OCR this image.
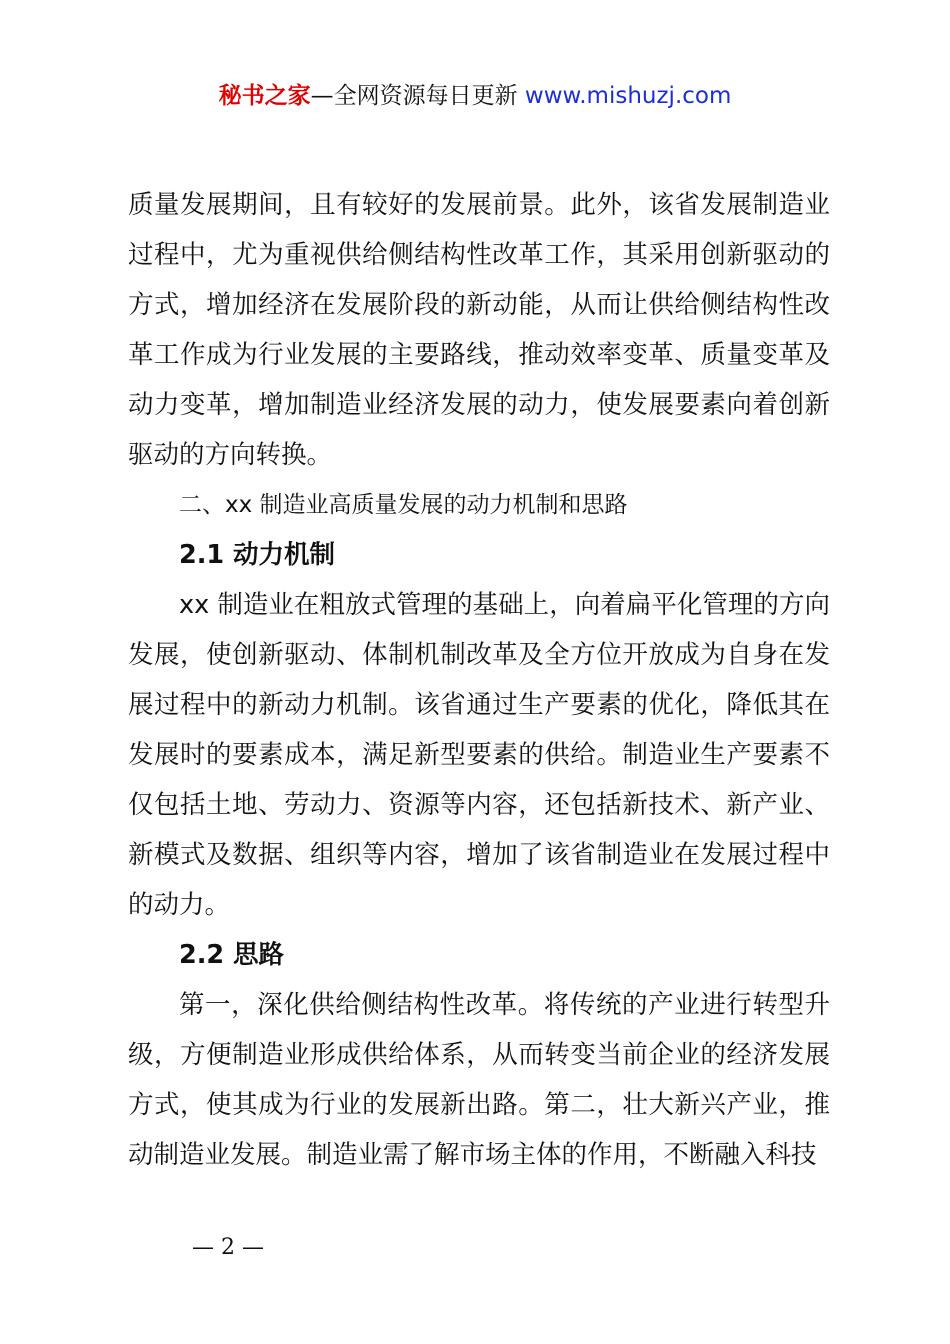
秘书之家—全网资源每日更新 www.mishuzj.com

质量发展期间，且有较好的发展前景。此外，该省发展制造业过程中，尤为重视供给侧结构性改革工作，其采用创新驱动的方式，增加经济在发展阶段的新动能，从而让供给侧结构性改革工作成为行业发展的主要路线，推动效率变革、质量变革及动力变革，增加制造业经济发展的动力，使发展要素向着创新驱动的方向转换。

二、xx 制造业高质量发展的动力机制和思路

2.1 动力机制

xx 制造业在粗放式管理的基础上，向着扁平化管理的方向发展，使创新驱动、体制机制改革及全方位开放成为自身在发展过程中的新动力机制。该省通过生产要素的优化，降低其在发展时的要素成本，满足新型要素的供给。制造业生产要素不仅包括土地、劳动力、资源等内容，还包括新技术、新产业、新模式及数据、组织等内容，增加了该省制造业在发展过程中的动力。

2.2 思路

第一，深化供给侧结构性改革。将传统的产业进行转型升级，方便制造业形成供给体系，从而转变当前企业的经济发展方式，使其成为行业的发展新出路。第二，壮大新兴产业，推动制造业发展。制造业需了解市场主体的作用，不断融入科技

— 2 —
